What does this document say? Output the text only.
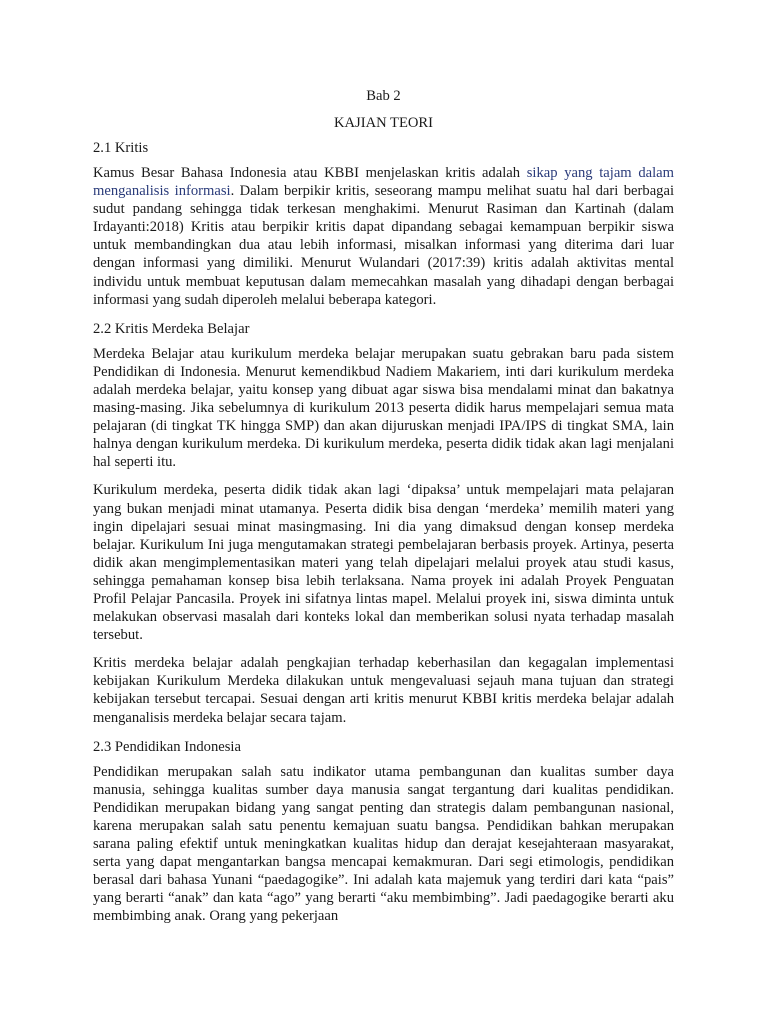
Bab 2
KAJIAN TEORI
2.1 Kritis

Kamus Besar Bahasa Indonesia atau KBBI menjelaskan kritis adalah sikap yang tajam dalam menganalisis informasi. Dalam berpikir kritis, seseorang mampu melihat suatu hal dari berbagai sudut pandang sehingga tidak terkesan menghakimi. Menurut Rasiman dan Kartinah (dalam Irdayanti:2018) Kritis atau berpikir kritis dapat dipandang sebagai kemampuan berpikir siswa untuk membandingkan dua atau lebih informasi, misalkan informasi yang diterima dari luar dengan informasi yang dimiliki. Menurut Wulandari (2017:39) kritis adalah aktivitas mental individu untuk membuat keputusan dalam memecahkan masalah yang dihadapi dengan berbagai informasi yang sudah diperoleh melalui beberapa kategori.

2.2 Kritis Merdeka Belajar

Merdeka Belajar atau kurikulum merdeka belajar merupakan suatu gebrakan baru pada sistem Pendidikan di Indonesia. Menurut kemendikbud Nadiem Makariem, inti dari kurikulum merdeka adalah merdeka belajar, yaitu konsep yang dibuat agar siswa bisa mendalami minat dan bakatnya masing-masing. Jika sebelumnya di kurikulum 2013 peserta didik harus mempelajari semua mata pelajaran (di tingkat TK hingga SMP) dan akan dijuruskan menjadi IPA/IPS di tingkat SMA, lain halnya dengan kurikulum merdeka. Di kurikulum merdeka, peserta didik tidak akan lagi menjalani hal seperti itu.

Kurikulum merdeka, peserta didik tidak akan lagi ‘dipaksa’ untuk mempelajari mata pelajaran yang bukan menjadi minat utamanya. Peserta didik bisa dengan ‘merdeka’ memilih materi yang ingin dipelajari sesuai minat masingmasing. Ini dia yang dimaksud dengan konsep merdeka belajar. Kurikulum Ini juga mengutamakan strategi pembelajaran berbasis proyek. Artinya, peserta didik akan mengimplementasikan materi yang telah dipelajari melalui proyek atau studi kasus, sehingga pemahaman konsep bisa lebih terlaksana. Nama proyek ini adalah Proyek Penguatan Profil Pelajar Pancasila. Proyek ini sifatnya lintas mapel. Melalui proyek ini, siswa diminta untuk melakukan observasi masalah dari konteks lokal dan memberikan solusi nyata terhadap masalah tersebut.

Kritis merdeka belajar adalah pengkajian terhadap keberhasilan dan kegagalan implementasi kebijakan Kurikulum Merdeka dilakukan untuk mengevaluasi sejauh mana tujuan dan strategi kebijakan tersebut tercapai. Sesuai dengan arti kritis menurut KBBI kritis merdeka belajar adalah menganalisis merdeka belajar secara tajam.

2.3 Pendidikan Indonesia

Pendidikan merupakan salah satu indikator utama pembangunan dan kualitas sumber daya manusia, sehingga kualitas sumber daya manusia sangat tergantung dari kualitas pendidikan. Pendidikan merupakan bidang yang sangat penting dan strategis dalam pembangunan nasional, karena merupakan salah satu penentu kemajuan suatu bangsa. Pendidikan bahkan merupakan sarana paling efektif untuk meningkatkan kualitas hidup dan derajat kesejahteraan masyarakat, serta yang dapat mengantarkan bangsa mencapai kemakmuran. Dari segi etimologis, pendidikan berasal dari bahasa Yunani “paedagogike”. Ini adalah kata majemuk yang terdiri dari kata “pais” yang berarti “anak” dan kata “ago” yang berarti “aku membimbing”. Jadi paedagogike berarti aku membimbing anak. Orang yang pekerjaan
